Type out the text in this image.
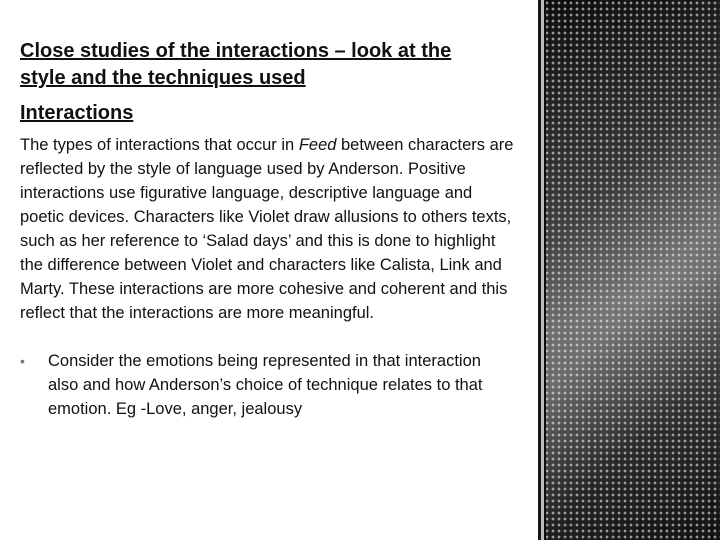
Close studies of the interactions – look at the
style and the techniques used
Interactions

The types of interactions that occur in Feed between characters are reflected by the style of language used by Anderson. Positive interactions use figurative language, descriptive language and poetic devices. Characters like Violet draw allusions to others texts, such as her reference to ‘Salad days’ and this is done to highlight the difference between Violet and characters like Calista, Link and Marty. These interactions are more cohesive and coherent and this reflect that the interactions are more meaningful.

• Consider the emotions being represented in that interaction also and how Anderson’s choice of technique relates to that emotion. Eg -Love, anger, jealousy
